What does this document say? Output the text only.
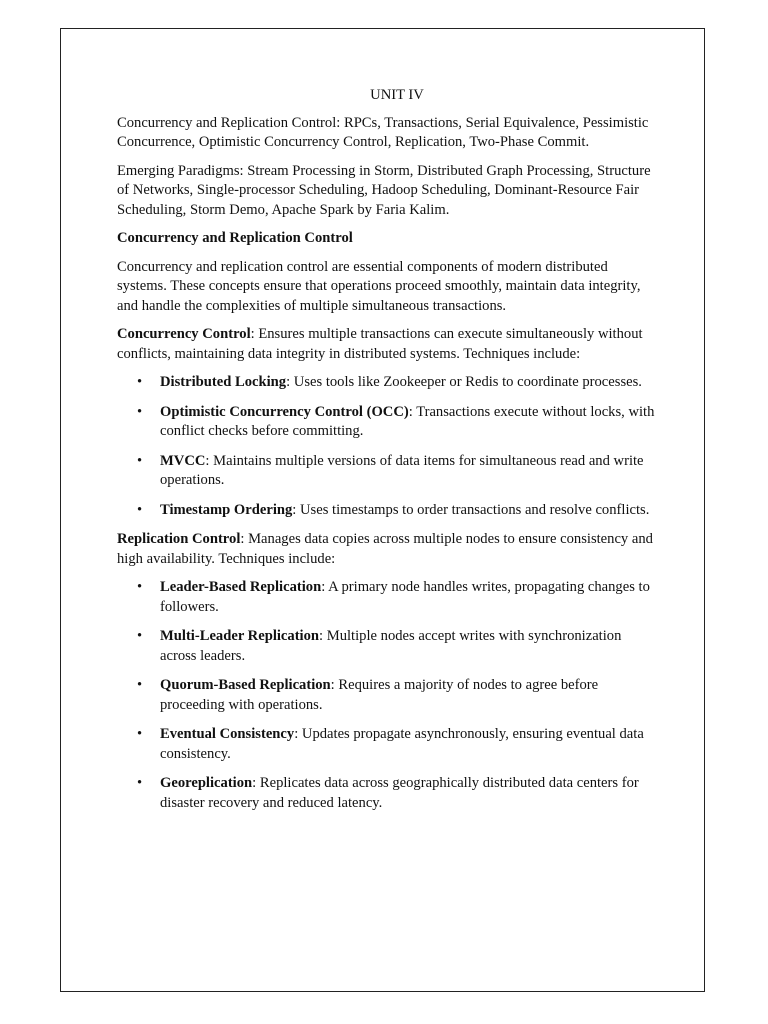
UNIT IV

Concurrency and Replication Control: RPCs, Transactions, Serial Equivalence, Pessimistic Concurrence, Optimistic Concurrency Control, Replication, Two-Phase Commit.

Emerging Paradigms: Stream Processing in Storm, Distributed Graph Processing, Structure of Networks, Single-processor Scheduling, Hadoop Scheduling, Dominant-Resource Fair Scheduling, Storm Demo, Apache Spark by Faria Kalim.

Concurrency and Replication Control

Concurrency and replication control are essential components of modern distributed systems. These concepts ensure that operations proceed smoothly, maintain data integrity, and handle the complexities of multiple simultaneous transactions.

Concurrency Control: Ensures multiple transactions can execute simultaneously without conflicts, maintaining data integrity in distributed systems. Techniques include:

• Distributed Locking: Uses tools like Zookeeper or Redis to coordinate processes.
• Optimistic Concurrency Control (OCC): Transactions execute without locks, with conflict checks before committing.
• MVCC: Maintains multiple versions of data items for simultaneous read and write operations.
• Timestamp Ordering: Uses timestamps to order transactions and resolve conflicts.

Replication Control: Manages data copies across multiple nodes to ensure consistency and high availability. Techniques include:

• Leader-Based Replication: A primary node handles writes, propagating changes to followers.
• Multi-Leader Replication: Multiple nodes accept writes with synchronization across leaders.
• Quorum-Based Replication: Requires a majority of nodes to agree before proceeding with operations.
• Eventual Consistency: Updates propagate asynchronously, ensuring eventual data consistency.
• Georeplication: Replicates data across geographically distributed data centers for disaster recovery and reduced latency.
